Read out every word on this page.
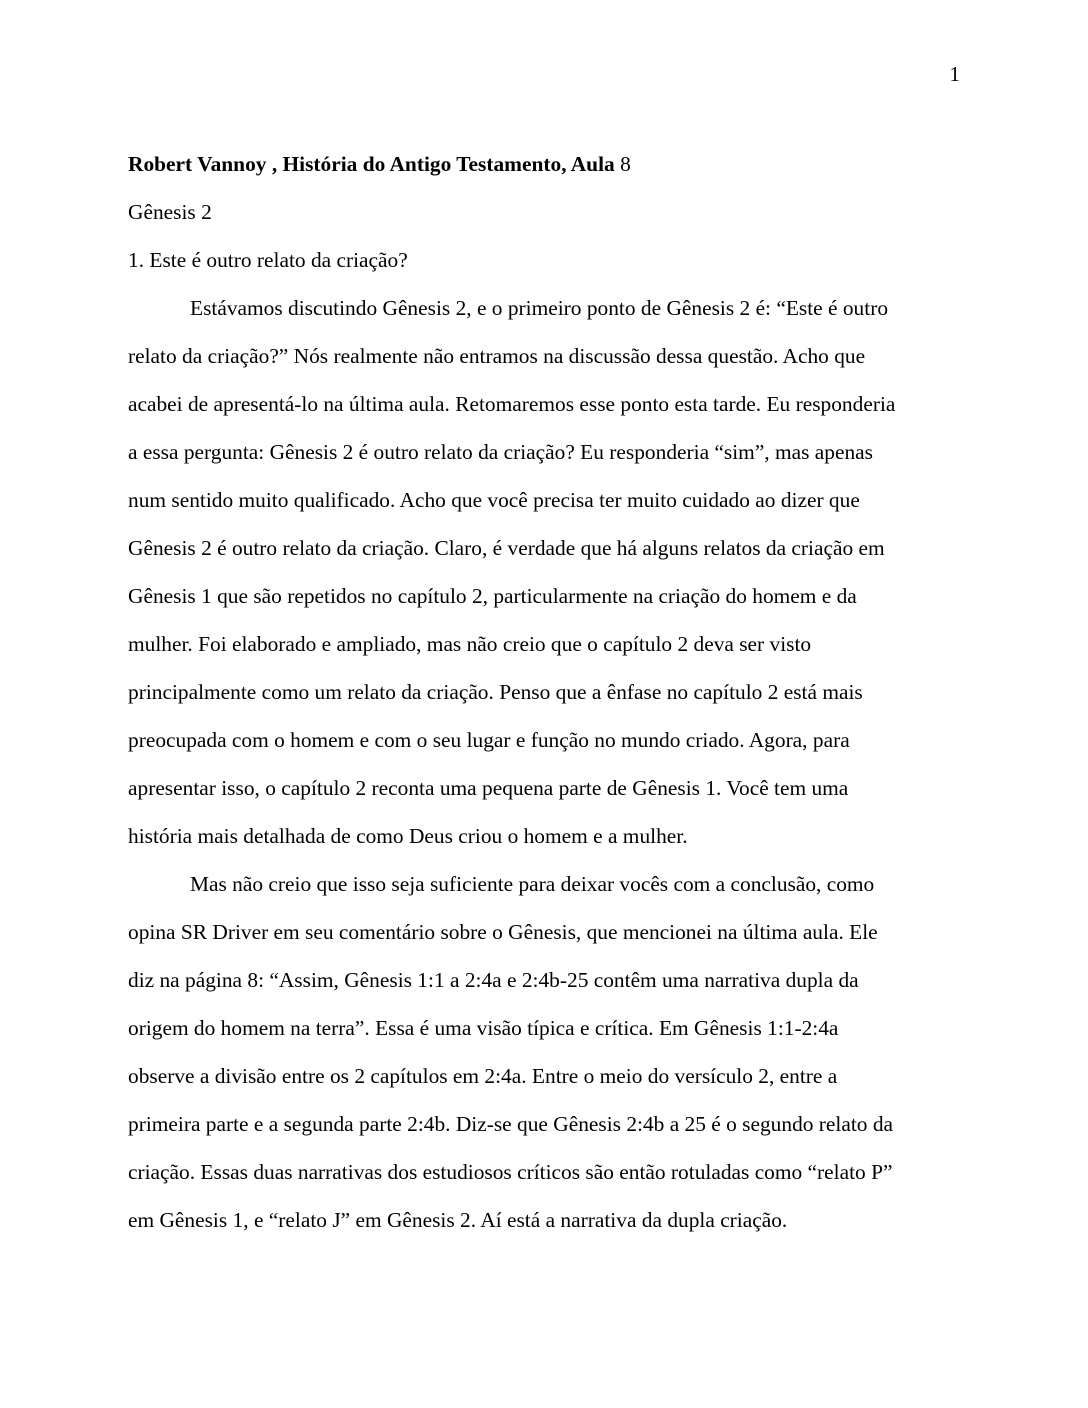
1
Robert Vannoy , História do Antigo Testamento, Aula 8
Gênesis 2
1. Este é outro relato da criação?
Estávamos discutindo Gênesis 2, e o primeiro ponto de Gênesis 2 é: “Este é outro
relato da criação?” Nós realmente não entramos na discussão dessa questão. Acho que
acabei de apresentá-lo na última aula. Retomaremos esse ponto esta tarde. Eu responderia
a essa pergunta: Gênesis 2 é outro relato da criação? Eu responderia “sim”, mas apenas
num sentido muito qualificado. Acho que você precisa ter muito cuidado ao dizer que
Gênesis 2 é outro relato da criação. Claro, é verdade que há alguns relatos da criação em
Gênesis 1 que são repetidos no capítulo 2, particularmente na criação do homem e da
mulher. Foi elaborado e ampliado, mas não creio que o capítulo 2 deva ser visto
principalmente como um relato da criação. Penso que a ênfase no capítulo 2 está mais
preocupada com o homem e com o seu lugar e função no mundo criado. Agora, para
apresentar isso, o capítulo 2 reconta uma pequena parte de Gênesis 1. Você tem uma
história mais detalhada de como Deus criou o homem e a mulher.
Mas não creio que isso seja suficiente para deixar vocês com a conclusão, como
opina SR Driver em seu comentário sobre o Gênesis, que mencionei na última aula. Ele
diz na página 8: “Assim, Gênesis 1:1 a 2:4a e 2:4b-25 contêm uma narrativa dupla da
origem do homem na terra”. Essa é uma visão típica e crítica. Em Gênesis 1:1-2:4a
observe a divisão entre os 2 capítulos em 2:4a. Entre o meio do versículo 2, entre a
primeira parte e a segunda parte 2:4b. Diz-se que Gênesis 2:4b a 25 é o segundo relato da
criação. Essas duas narrativas dos estudiosos críticos são então rotuladas como “relato P”
em Gênesis 1, e “relato J” em Gênesis 2. Aí está a narrativa da dupla criação.
